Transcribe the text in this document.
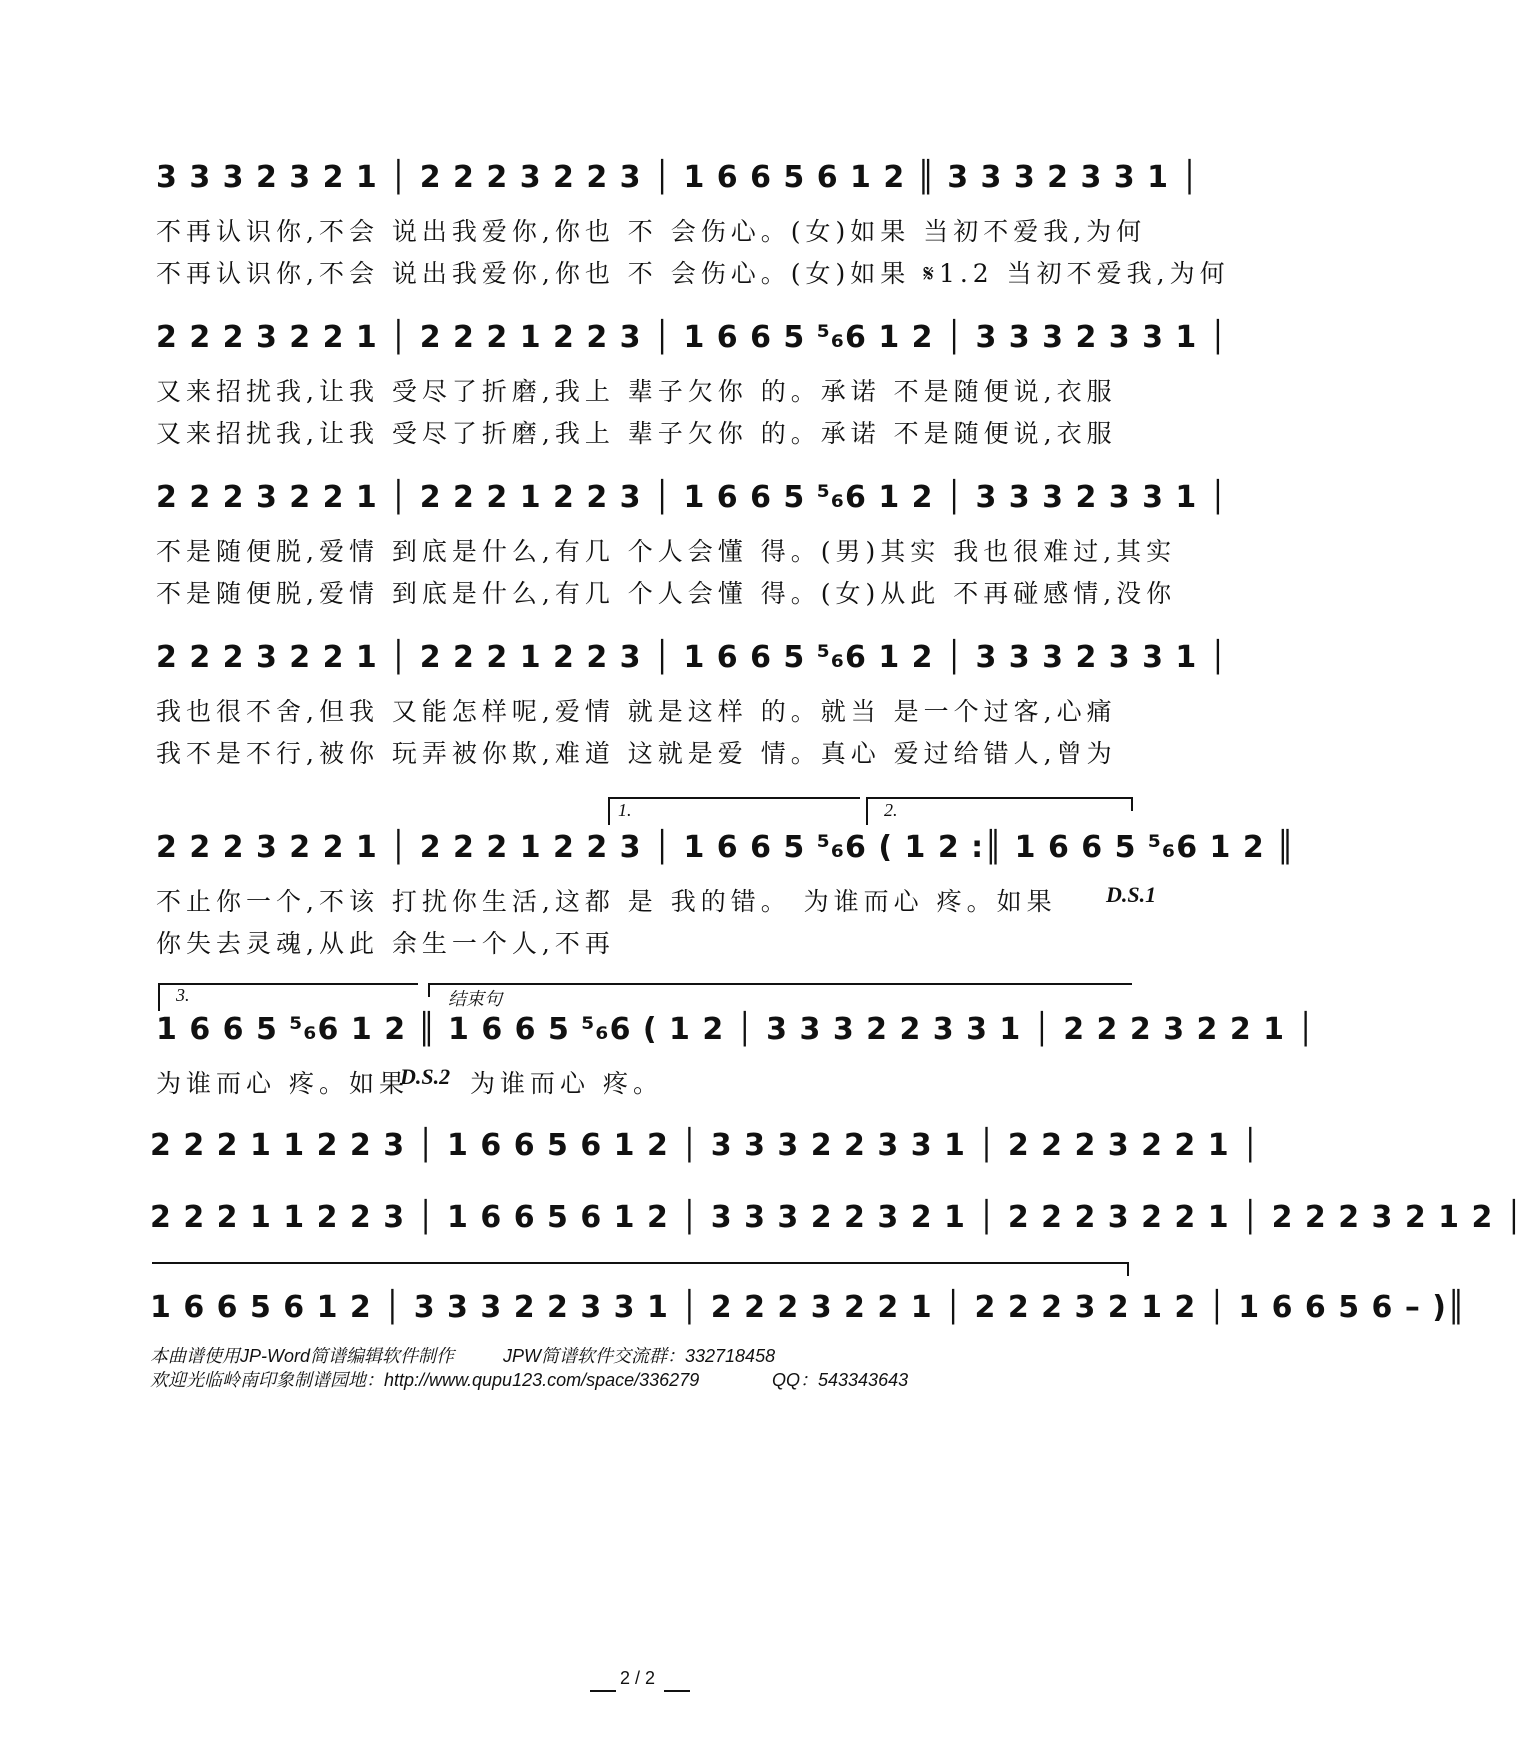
3 3 3 2 3 2 1 │ 2 2 2 3 2 2 3 │ 1 6 6 5 6 1 2 ║ 3 3 3 2 3 3 1 │
不再认识你,不会 说出我爱你,你也 不 会伤心。(女)如果 当初不爱我,为何
不再认识你,不会 说出我爱你,你也 不 会伤心。(女)如果 𝄋1.2 当初不爱我,为何
2 2 2 3 2 2 1 │ 2 2 2 1 2 2 3 │ 1 6 6 5 ⁵₆6 1 2 │ 3 3 3 2 3 3 1 │
又来招扰我,让我 受尽了折磨,我上 辈子欠你 的。承诺 不是随便说,衣服
又来招扰我,让我 受尽了折磨,我上 辈子欠你 的。承诺 不是随便说,衣服
2 2 2 3 2 2 1 │ 2 2 2 1 2 2 3 │ 1 6 6 5 ⁵₆6 1 2 │ 3 3 3 2 3 3 1 │
不是随便脱,爱情 到底是什么,有几 个人会懂 得。(男)其实 我也很难过,其实
不是随便脱,爱情 到底是什么,有几 个人会懂 得。(女)从此 不再碰感情,没你
2 2 2 3 2 2 1 │ 2 2 2 1 2 2 3 │ 1 6 6 5 ⁵₆6 1 2 │ 3 3 3 2 3 3 1 │
我也很不舍,但我 又能怎样呢,爱情 就是这样 的。就当 是一个过客,心痛
我不是不行,被你 玩弄被你欺,难道 这就是爱 情。真心 爱过给错人,曾为
1.	2.
2 2 2 3 2 2 1 │ 2 2 2 1 2 2 3 │ 1 6 6 5 ⁵₆6 ( 1 2 :║ 1 6 6 5 ⁵₆6 1 2 ║
不止你一个,不该 打扰你生活,这都 是 我的错。 为谁而心 疼。如果 D.S.1
你失去灵魂,从此 余生一个人,不再
3.	结束句
1 6 6 5 ⁵₆6 1 2 ║ 1 6 6 5 ⁵₆6 ( 1 2 │ 3 3 3 2 2 3 3 1 │ 2 2 2 3 2 2 1 │
为谁而心 疼。如果
D.S.2 为谁而心 疼。
2 2 2 1 1 2 2 3 │ 1 6 6 5 6 1 2 │ 3 3 3 2 2 3 3 1 │ 2 2 2 3 2 2 1 │
2 2 2 1 1 2 2 3 │ 1 6 6 5 6 1 2 │ 3 3 3 2 2 3 2 1 │ 2 2 2 3 2 2 1 │ 2 2 2 3 2 1 2 │
1 6 6 5 6 1 2 │ 3 3 3 2 2 3 3 1 │ 2 2 2 3 2 2 1 │ 2 2 2 3 2 1 2 │ 1 6 6 5 6 – )║
本曲谱使用JP-Word简谱编辑软件制作	JPW简谱软件交流群：332718458
欢迎光临岭南印象制谱园地：http://www.qupu123.com/space/336279	QQ：543343643
2 / 2
